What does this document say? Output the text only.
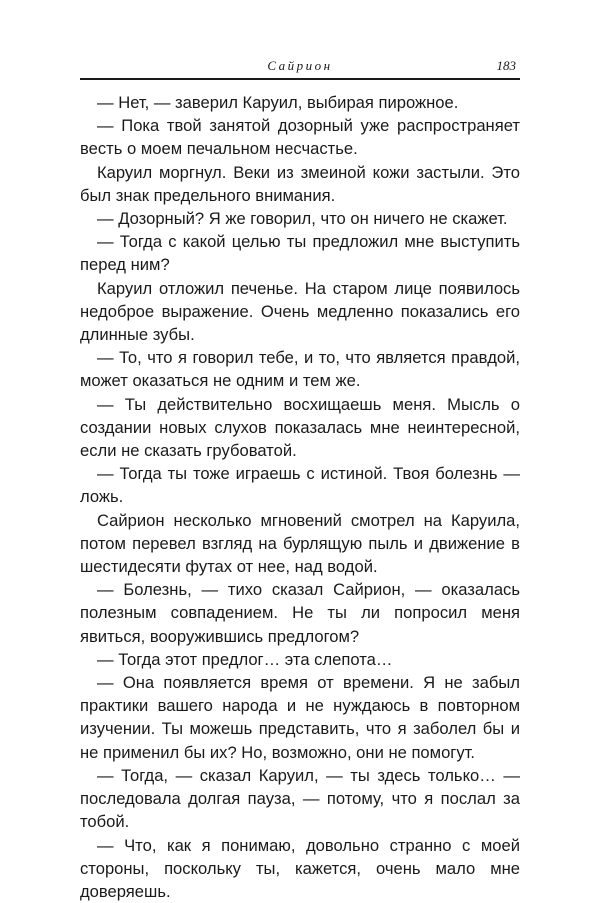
Сайрион	183

— Нет, — заверил Каруил, выбирая пирожное.

— Пока твой занятой дозорный уже распространяет весть о моем печальном несчастье.

Каруил моргнул. Веки из змеиной кожи застыли. Это был знак предельного внимания.

— Дозорный? Я же говорил, что он ничего не скажет.

— Тогда с какой целью ты предложил мне выступить перед ним?

Каруил отложил печенье. На старом лице появилось недоброе выражение. Очень медленно показались его длинные зубы.

— То, что я говорил тебе, и то, что является правдой, может оказаться не одним и тем же.

— Ты действительно восхищаешь меня. Мысль о создании новых слухов показалась мне неинтересной, если не сказать грубоватой.

— Тогда ты тоже играешь с истиной. Твоя болезнь — ложь.

Сайрион несколько мгновений смотрел на Каруила, потом перевел взгляд на бурлящую пыль и движение в шестидесяти футах от нее, над водой.

— Болезнь, — тихо сказал Сайрион, — оказалась полезным совпадением. Не ты ли попросил меня явиться, вооружившись предлогом?

— Тогда этот предлог… эта слепота…

— Она появляется время от времени. Я не забыл практики вашего народа и не нуждаюсь в повторном изучении. Ты можешь представить, что я заболел бы и не применил бы их? Но, возможно, они не помогут.

— Тогда, — сказал Каруил, — ты здесь только… — последовала долгая пауза, — потому, что я послал за тобой.

— Что, как я понимаю, довольно странно с моей стороны, поскольку ты, кажется, очень мало мне доверяешь.
